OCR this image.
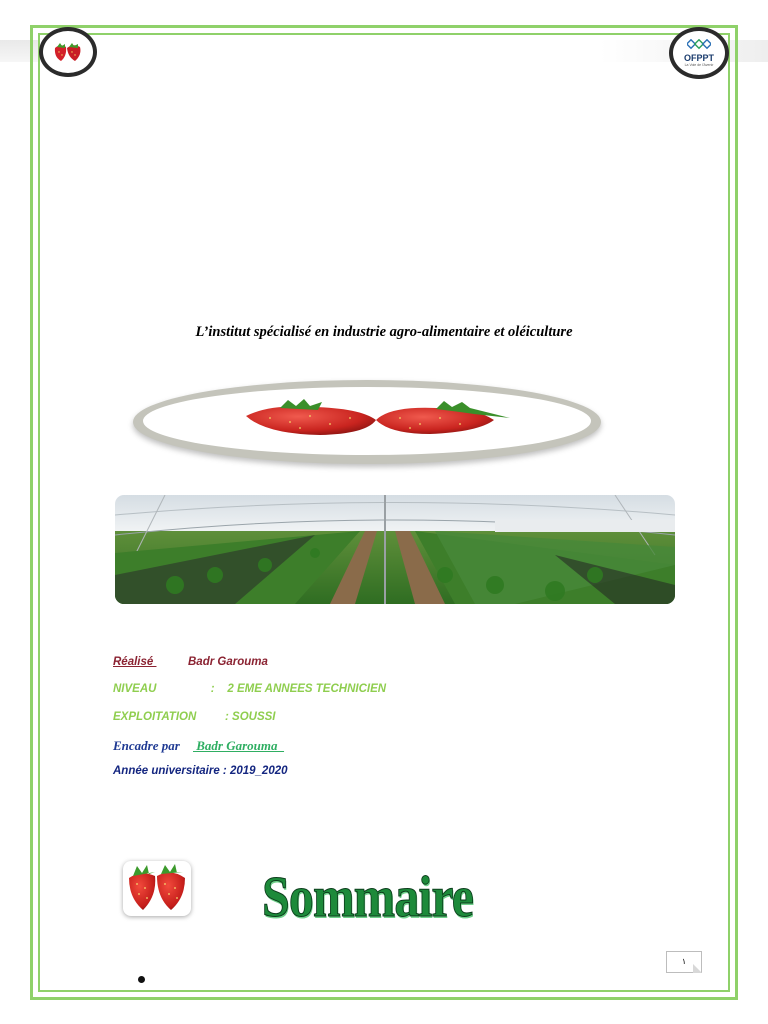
OFPPT
La Voie de l'Avenir
L’institut spécialisé en industrie agro-alimentaire et oléiculture
Réalisé	Badr Garouma
NIVEAU                 :    2 EME ANNEES TECHNICIEN
EXPLOITATION         : SOUSSI
Encadre par Badr Garouma
Année universitaire : 2019_2020
Sommaire
١
